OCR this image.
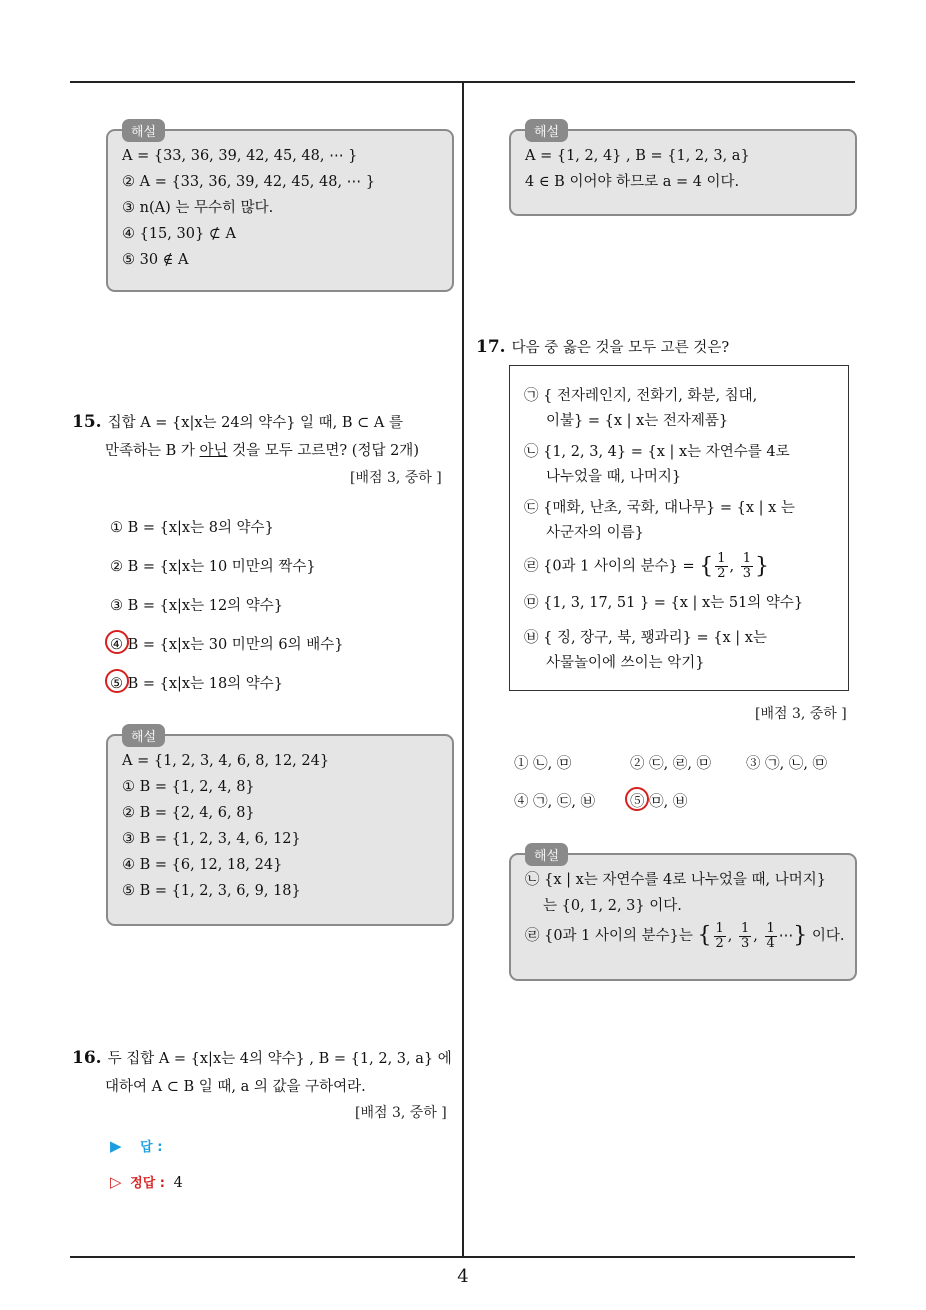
해설
A = {33, 36, 39, 42, 45, 48, ⋯ }
② A = {33, 36, 39, 42, 45, 48, ⋯ }
③ n(A) 는 무수히 많다.
④ {15, 30} ⊄ A
⑤ 30 ∉ A
15. 집합 A = {x|x는 24의 약수} 일 때, B ⊂ A 를
만족하는 B 가 아닌 것을 모두 고르면? (정답 2개)
[배점 3, 중하 ]
① B = {x|x는 8의 약수}
② B = {x|x는 10 미만의 짝수}
③ B = {x|x는 12의 약수}
④ B = {x|x는 30 미만의 6의 배수}
⑤ B = {x|x는 18의 약수}
해설
A = {1, 2, 3, 4, 6, 8, 12, 24}
① B = {1, 2, 4, 8}
② B = {2, 4, 6, 8}
③ B = {1, 2, 3, 4, 6, 12}
④ B = {6, 12, 18, 24}
⑤ B = {1, 2, 3, 6, 9, 18}
16. 두 집합 A = {x|x는 4의 약수} , B = {1, 2, 3, a} 에
대하여 A ⊂ B 일 때, a 의 값을 구하여라.
[배점 3, 중하 ]
▶ 답 :
▷ 정답 : 4
해설
A = {1, 2, 4} , B = {1, 2, 3, a}
4 ∈ B 이어야 하므로 a = 4 이다.
17. 다음 중 옳은 것을 모두 고른 것은?
㉠ { 전자레인지, 전화기, 화분, 침대,
이불} = {x | x는 전자제품}
㉡ {1, 2, 3, 4} = {x | x는 자연수를 4로
나누었을 때, 나머지}
㉢ {매화, 난초, 국화, 대나무} = {x | x 는
사군자의 이름}
㉣ {0과 1 사이의 분수} = { $\frac{1}{2}$ , $\frac{1}{3}$ }
㉤ {1, 3, 17, 51 } = {x | x는 51의 약수}
㉥ { 징, 장구, 북, 꽹과리} = {x | x는
사물놀이에 쓰이는 악기}
[배점 3, 중하 ]
① ㉡, ㉤	② ㉢, ㉣, ㉤ ③ ㉠, ㉡, ㉤
④ ㉠, ㉢, ㉥ ⑤ ㉤, ㉥
해설
㉡ {x | x는 자연수를 4로 나누었을 때, 나머지}
는 {0, 1, 2, 3} 이다.
㉣ {0과 1 사이의 분수}는 { $\frac{1}{2}$ , $\frac{1}{3}$ , $\frac{1}{4}$ ⋯} 이다.
4
